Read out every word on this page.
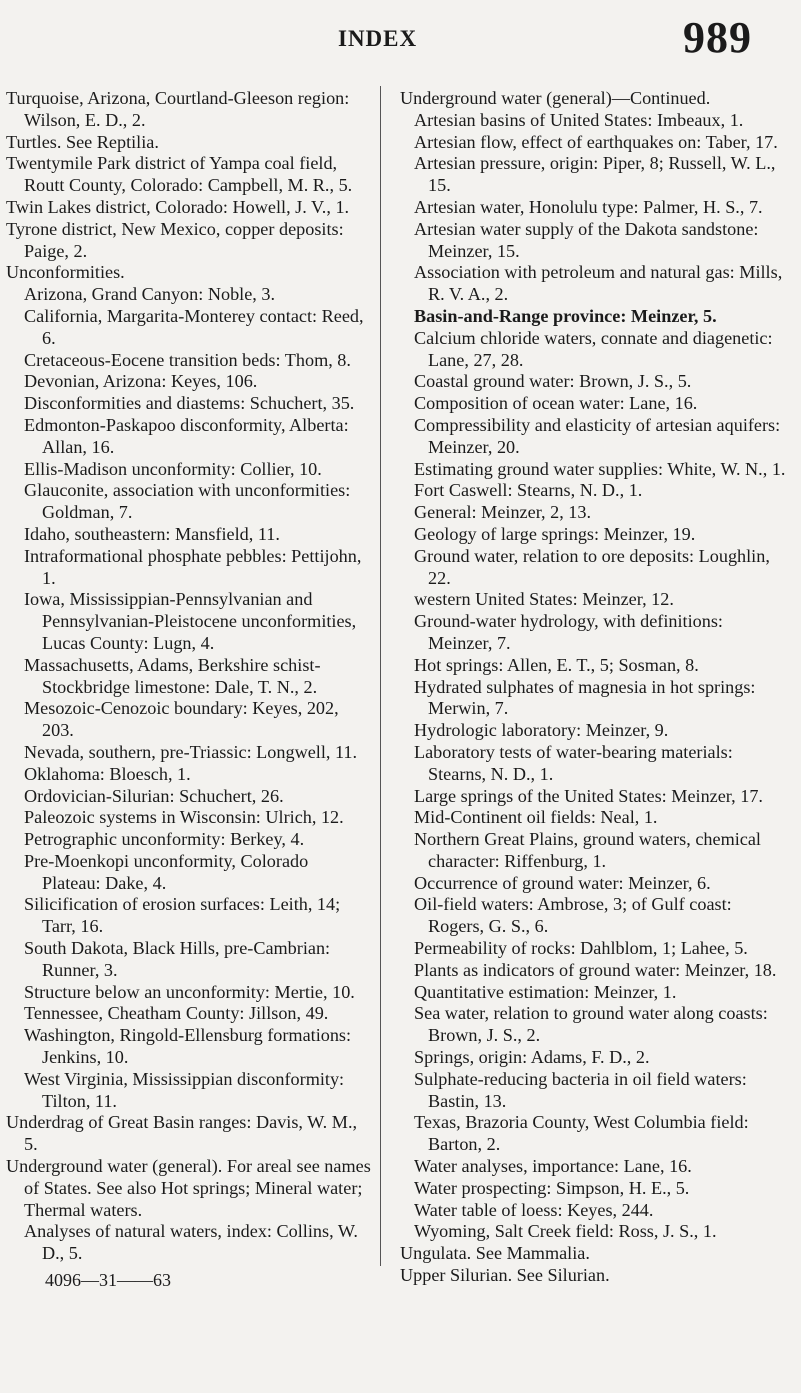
INDEX	989

Turquoise, Arizona, Courtland-Gleeson region: Wilson, E. D., 2.

Turtles. See Reptilia.

Twentymile Park district of Yampa coal field, Routt County, Colorado: Campbell, M. R., 5.

Twin Lakes district, Colorado: Howell, J. V., 1.

Tyrone district, New Mexico, copper deposits: Paige, 2.

Unconformities.

Arizona, Grand Canyon: Noble, 3.

California, Margarita-Monterey contact: Reed, 6.

Cretaceous-Eocene transition beds: Thom, 8.

Devonian, Arizona: Keyes, 106.

Disconformities and diastems: Schuchert, 35.

Edmonton-Paskapoo disconformity, Alberta: Allan, 16.

Ellis-Madison unconformity: Collier, 10.

Glauconite, association with unconformities: Goldman, 7.

Idaho, southeastern: Mansfield, 11.

Intraformational phosphate pebbles: Pettijohn, 1.

Iowa, Mississippian-Pennsylvanian and Pennsylvanian-Pleistocene unconformities, Lucas County: Lugn, 4.

Massachusetts, Adams, Berkshire schist-Stockbridge limestone: Dale, T. N., 2.

Mesozoic-Cenozoic boundary: Keyes, 202, 203.

Nevada, southern, pre-Triassic: Longwell, 11.

Oklahoma: Bloesch, 1.

Ordovician-Silurian: Schuchert, 26.

Paleozoic systems in Wisconsin: Ulrich, 12.

Petrographic unconformity: Berkey, 4.

Pre-Moenkopi unconformity, Colorado Plateau: Dake, 4.

Silicification of erosion surfaces: Leith, 14; Tarr, 16.

South Dakota, Black Hills, pre-Cambrian: Runner, 3.

Structure below an unconformity: Mertie, 10.

Tennessee, Cheatham County: Jillson, 49.

Washington, Ringold-Ellensburg formations: Jenkins, 10.

West Virginia, Mississippian disconformity: Tilton, 11.

Underdrag of Great Basin ranges: Davis, W. M., 5.

Underground water (general). For areal see names of States. See also Hot springs; Mineral water; Thermal waters.

Analyses of natural waters, index: Collins, W. D., 5.

Underground water (general)—Continued.

Artesian basins of United States: Imbeaux, 1.

Artesian flow, effect of earthquakes on: Taber, 17.

Artesian pressure, origin: Piper, 8; Russell, W. L., 15.

Artesian water, Honolulu type: Palmer, H. S., 7.

Artesian water supply of the Dakota sandstone: Meinzer, 15.

Association with petroleum and natural gas: Mills, R. V. A., 2.

Basin-and-Range province: Meinzer, 5.

Calcium chloride waters, connate and diagenetic: Lane, 27, 28.

Coastal ground water: Brown, J. S., 5.

Composition of ocean water: Lane, 16.

Compressibility and elasticity of artesian aquifers: Meinzer, 20.

Estimating ground water supplies: White, W. N., 1.

Fort Caswell: Stearns, N. D., 1.

General: Meinzer, 2, 13.

Geology of large springs: Meinzer, 19.

Ground water, relation to ore deposits: Loughlin, 22.

western United States: Meinzer, 12.

Ground-water hydrology, with definitions: Meinzer, 7.

Hot springs: Allen, E. T., 5; Sosman, 8.

Hydrated sulphates of magnesia in hot springs: Merwin, 7.

Hydrologic laboratory: Meinzer, 9.

Laboratory tests of water-bearing materials: Stearns, N. D., 1.

Large springs of the United States: Meinzer, 17.

Mid-Continent oil fields: Neal, 1.

Northern Great Plains, ground waters, chemical character: Riffenburg, 1.

Occurrence of ground water: Meinzer, 6.

Oil-field waters: Ambrose, 3; of Gulf coast: Rogers, G. S., 6.

Permeability of rocks: Dahlblom, 1; Lahee, 5.

Plants as indicators of ground water: Meinzer, 18.

Quantitative estimation: Meinzer, 1.

Sea water, relation to ground water along coasts: Brown, J. S., 2.

Springs, origin: Adams, F. D., 2.

Sulphate-reducing bacteria in oil field waters: Bastin, 13.

Texas, Brazoria County, West Columbia field: Barton, 2.

Water analyses, importance: Lane, 16.

Water prospecting: Simpson, H. E., 5.

Water table of loess: Keyes, 244.

Wyoming, Salt Creek field: Ross, J. S., 1.

Ungulata. See Mammalia.

Upper Silurian. See Silurian.

4096—31——63
